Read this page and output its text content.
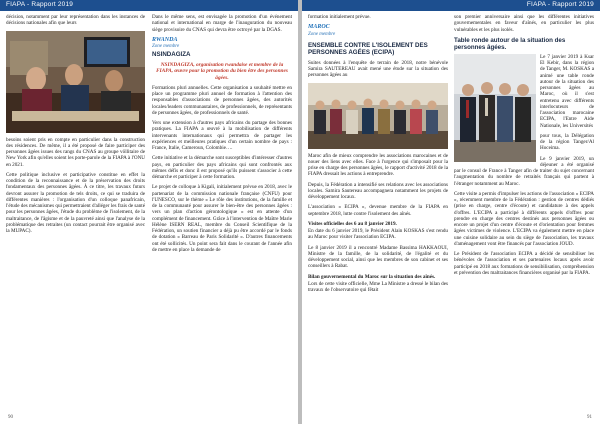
FIAPA - Rapport 2019

décision, notamment par leur représentation dans les instances de décisions nationales afin que leurs

besoins soient pris en compte en particulier dans la construction des résidences. De même, il a été proposé de faire participer des personnes âgées issues des rangs du CNAS au groupe völlitaire de New York afin qu'elles soient les porte-parole de la FIAPA à l'ONU en 2021.

Cette politique inclusive et participative constitue en effet la condition de la reconnaissance et de la préservation des droits fondamentaux des personnes âgées. À ce titre, les travaux futurs devront assurer la promotion de tels droits, ce qui se traduira de différentes manières : l'organisation d'un colloque panafricain, l'étude des mécanismes qui permettraient d'alléger les frais de santé pour les personnes âgées, l'étude du problème de l'isolement, de la maltraitance, de l'âgisme et de la pauvreté ainsi que l'analyse de la problématique des retraites (un contact pourrait être organisé avec la MUPAC).

Dans le même sens, est envisagée la promotion d'un événement national et international en marge de l'inauguration du nouveau siège provisoire du CNAS qui devra être octroyé par la DGAS.

RWANDA

Zone membre

NSINDAGIZA

NSINDAGIZA, organisation rwandaise et membre de la FIAPA, œuvre pour la promotion du bien être des personnes âgées.

Formations pluri annuelles. Cette organisation a souhaité mettre en place un programme pluri annuel de formation à l'attention des responsables d'associations de personnes âgées, des autorités locales/leaders communautaires, de professionnels, de représentants de personnes âgées, de professionnels de santé.

Vers une extension à d'autres pays africains du partage des bonnes pratiques. La FIAPA a œuvré à la mobilisation de différents intervenants internationaux qui permettra de partager les expériences et meilleures pratiques d'un certain nombre de pays : France, Italie, Cameroun, Colombie….

Cette initiative et la démarche sont susceptibles d'intéresser d'autres pays, en particulier des pays africains qui sont confrontés aux mêmes défis et donc il est proposé qu'ils puissent s'associer à cette démarche et participer à cette formation.

Le projet de colloque à Kigali, initialement prévue en 2018, avec le partenariat de la commission nationale française (CNFU) pour l'UNESCO, sur le thème « Le rôle des institutions, de la famille et de la communauté pour assurer le bien-être des personnes âgées : vers un plan d'action gérontologique » est en attente d'un complément de financement. Grâce à l'intervention de Maître Marie Hélène ISERN REAL, membre du Conseil Scientifique de la Fédération, un soutien financier a déjà pu être accordé par le fonds de dotation « Barreau de Paris Solidarité ». D'autres financements ont été sollicités. Un point sera fait dans le courant de l'année afin de mettre en place la demande de

90
FIAPA - Rapport 2019

formation initialement prévue.

MAROC

Zone membre

ENSEMBLE CONTRE L'ISOLEMENT DES PERSONNES AGÉES (ECIPA)

Suites données à l'enquête de terrain de 2018, notre bénévole Samira SAUTEREAU avait mené une étude sur la situation des personnes âgées au

Maroc afin de mieux comprendre les associations marocaines et de nouer des liens avec elles. Face à l'urgence qui s'imposait pour la prise en charge des personnes âgées, le rapport d'activité 2018 de la FIAPA dressait les actions à entreprendre.

Depuis, la Fédération a intensifié ses relations avec les associations locales. Samira Sautereau accompagnera notamment les projets de développement locaux.

L'association « ECIPA », devenue membre de la FIAPA en septembre 2018, lutte contre l'isolement des aînés.

Visites officielles des 6 au 8 janvier 2019.

En date du 6 janvier 2019, le Président Alain KOSKAS s'est rendu au Maroc pour visiter l'association ECIPA.

Le 8 janvier 2019 il a rencontré Madame Bassima HAKKAOUI, Ministre de la famille, de la solidarité, de l'égalité et du développement social, ainsi que les membres de son cabinet et ses conseillers à Rabat.

Bilan gouvernemental du Maroc sur la situation des aînés.

Lors de cette visite officielle, Mme La Ministre a dressé le bilan des travaux de l'observatoire qui fêtait

son premier anniversaire ainsi que les différentes initiatives gouvernementales en faveur d'aînés, en particulier les plus vulnérables et les plus isolés.

Table ronde autour de la situation des personnes âgées.

Le 7 janvier 2019 à Ksar El Kebir, dans la région de Tanger, M. KOSKAS a animé une table ronde autour de la situation des personnes âgées au Maroc, où il s'est entretenu avec différents interlocuteurs de l'association marocaine ECIPA, l'Entre Aide Nationale, les Universités

pour tous, la Délégation de la région Tanger/Al Hoceima.

Le 9 janvier 2019, un déjeuner a été organisé par le consul de France à Tanger afin de traiter du sujet concernant l'augmentation du nombre de retraités français qui partent à l'étranger notamment au Maroc.

Cette visite a permis d'impulser les actions de l'association « ECIPA », récemment membre de la Fédération : gestion de centres dédiés (prise en charge, centre d'écoute) et candidature à des appels d'offres. L'ECIPA a participé à différents appels d'offres pour prendre en charge des centres destinés aux personnes âgées ou encore un projet d'un centre d'écoute et d'orientation pour femmes âgées victimes de violence. L'ECIPA va également mettre en place une cuisine solidaire au sein du siège de l'association, les travaux d'aménagement vont être financés par l'association JOUD.

Le Président de l'association ECIPA a décidé de sensibiliser les bénévoles de l'association et ses partenaires locaux après avoir participé en 2018 aux formations de sensibilisation, compréhension et prévention des maltraitances financières organisé par la FIAPA.

91
